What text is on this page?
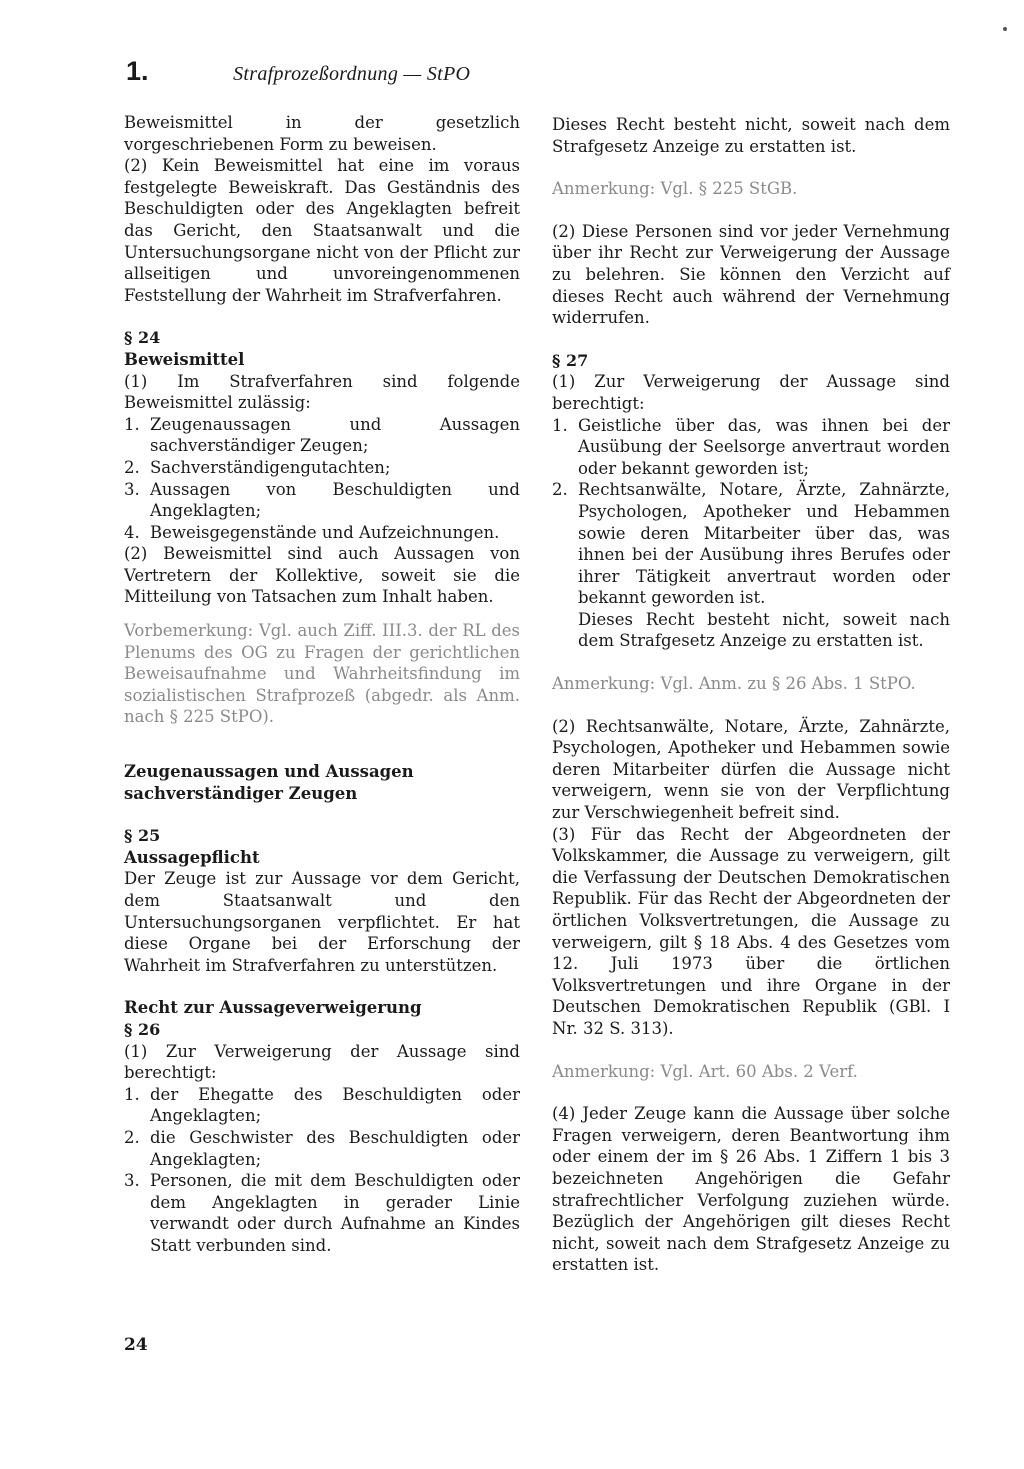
1.	Strafprozeßordnung — StPO

Beweismittel in der gesetzlich vorgeschriebenen Form zu beweisen.

(2) Kein Beweismittel hat eine im voraus festgelegte Beweiskraft. Das Geständnis des Beschuldigten oder des Angeklagten befreit das Gericht, den Staatsanwalt und die Untersuchungsorgane nicht von der Pflicht zur allseitigen und unvoreingenommenen Feststellung der Wahrheit im Strafverfahren.

§ 24

Beweismittel

(1) Im Strafverfahren sind folgende Beweismittel zulässig:

1. Zeugenaussagen und Aussagen sachverständiger Zeugen;
2. Sachverständigengutachten;
3. Aussagen von Beschuldigten und Angeklagten;
4. Beweisgegenstände und Aufzeichnungen.

(2) Beweismittel sind auch Aussagen von Vertretern der Kollektive, soweit sie die Mitteilung von Tatsachen zum Inhalt haben.

Vorbemerkung: Vgl. auch Ziff. III.3. der RL des Plenums des OG zu Fragen der gerichtlichen Beweisaufnahme und Wahrheitsfindung im sozialistischen Strafprozeß (abgedr. als Anm. nach § 225 StPO).

Zeugenaussagen und Aussagen

sachverständiger Zeugen

§ 25

Aussagepflicht

Der Zeuge ist zur Aussage vor dem Gericht, dem Staatsanwalt und den Untersuchungsorganen verpflichtet. Er hat diese Organe bei der Erforschung der Wahrheit im Strafverfahren zu unterstützen.

Recht zur Aussageverweigerung

§ 26

(1) Zur Verweigerung der Aussage sind berechtigt:

1. der Ehegatte des Beschuldigten oder Angeklagten;
2. die Geschwister des Beschuldigten oder Angeklagten;
3. Personen, die mit dem Beschuldigten oder dem Angeklagten in gerader Linie verwandt oder durch Aufnahme an Kindes Statt verbunden sind.

Dieses Recht besteht nicht, soweit nach dem Strafgesetz Anzeige zu erstatten ist.

Anmerkung: Vgl. § 225 StGB.

(2) Diese Personen sind vor jeder Vernehmung über ihr Recht zur Verweigerung der Aussage zu belehren. Sie können den Verzicht auf dieses Recht auch während der Vernehmung widerrufen.

§ 27

(1) Zur Verweigerung der Aussage sind berechtigt:

1. Geistliche über das, was ihnen bei der Ausübung der Seelsorge anvertraut worden oder bekannt geworden ist;
2. Rechtsanwälte, Notare, Ärzte, Zahnärzte, Psychologen, Apotheker und Hebammen sowie deren Mitarbeiter über das, was ihnen bei der Ausübung ihres Berufes oder ihrer Tätigkeit anvertraut worden oder bekannt geworden ist.

Dieses Recht besteht nicht, soweit nach dem Strafgesetz Anzeige zu erstatten ist.

Anmerkung: Vgl. Anm. zu § 26 Abs. 1 StPO.

(2) Rechtsanwälte, Notare, Ärzte, Zahnärzte, Psychologen, Apotheker und Hebammen sowie deren Mitarbeiter dürfen die Aussage nicht verweigern, wenn sie von der Verpflichtung zur Verschwiegenheit befreit sind.

(3) Für das Recht der Abgeordneten der Volkskammer, die Aussage zu verweigern, gilt die Verfassung der Deutschen Demokratischen Republik. Für das Recht der Abgeordneten der örtlichen Volksvertretungen, die Aussage zu verweigern, gilt § 18 Abs. 4 des Gesetzes vom 12. Juli 1973 über die örtlichen Volksvertretungen und ihre Organe in der Deutschen Demokratischen Republik (GBl. I Nr. 32 S. 313).

Anmerkung: Vgl. Art. 60 Abs. 2 Verf.

(4) Jeder Zeuge kann die Aussage über solche Fragen verweigern, deren Beantwortung ihm oder einem der im § 26 Abs. 1 Ziffern 1 bis 3 bezeichneten Angehörigen die Gefahr strafrechtlicher Verfolgung zuziehen würde. Bezüglich der Angehörigen gilt dieses Recht nicht, soweit nach dem Strafgesetz Anzeige zu erstatten ist.

24
